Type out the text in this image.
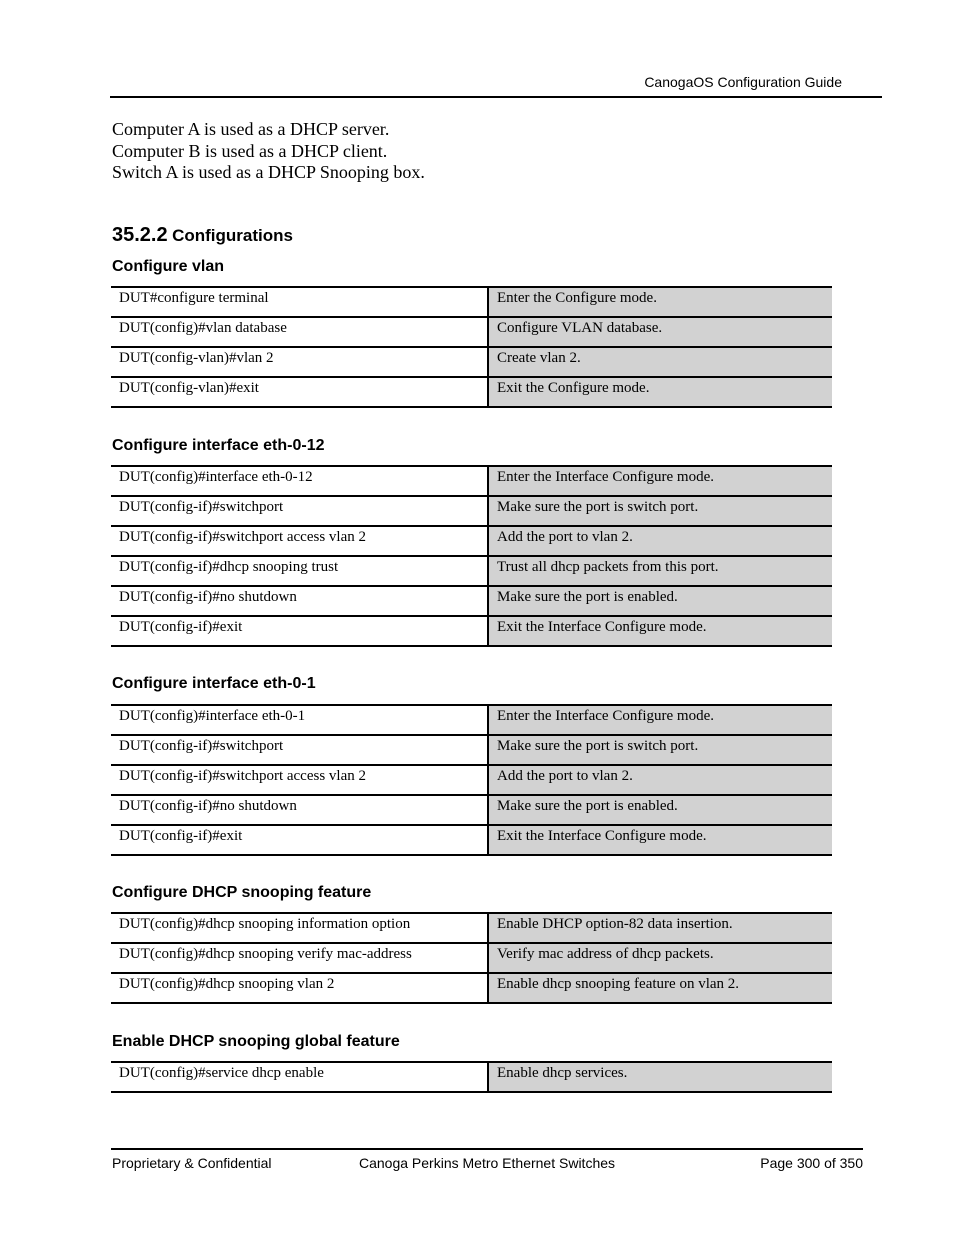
CanogaOS Configuration Guide
Computer A is used as a DHCP server.
Computer B is used as a DHCP client.
Switch A is used as a DHCP Snooping box.
35.2.2 Configurations
Configure vlan
DUT#configure terminal	Enter the Configure mode.
DUT(config)#vlan database	Configure VLAN database.
DUT(config-vlan)#vlan 2	Create vlan 2.
DUT(config-vlan)#exit	Exit the Configure mode.
Configure interface eth-0-12
DUT(config)#interface eth-0-12	Enter the Interface Configure mode.
DUT(config-if)#switchport	Make sure the port is switch port.
DUT(config-if)#switchport access vlan 2	Add the port to vlan 2.
DUT(config-if)#dhcp snooping trust	Trust all dhcp packets from this port.
DUT(config-if)#no shutdown	Make sure the port is enabled.
DUT(config-if)#exit	Exit the Interface Configure mode.
Configure interface eth-0-1
DUT(config)#interface eth-0-1	Enter the Interface Configure mode.
DUT(config-if)#switchport	Make sure the port is switch port.
DUT(config-if)#switchport access vlan 2	Add the port to vlan 2.
DUT(config-if)#no shutdown	Make sure the port is enabled.
DUT(config-if)#exit	Exit the Interface Configure mode.
Configure DHCP snooping feature
DUT(config)#dhcp snooping information option	Enable DHCP option-82 data insertion.
DUT(config)#dhcp snooping verify mac-address	Verify mac address of dhcp packets.
DUT(config)#dhcp snooping vlan 2	Enable dhcp snooping feature on vlan 2.
Enable DHCP snooping global feature
DUT(config)#service dhcp enable	Enable dhcp services.
Proprietary & Confidential	Canoga Perkins Metro Ethernet Switches	Page 300 of 350
